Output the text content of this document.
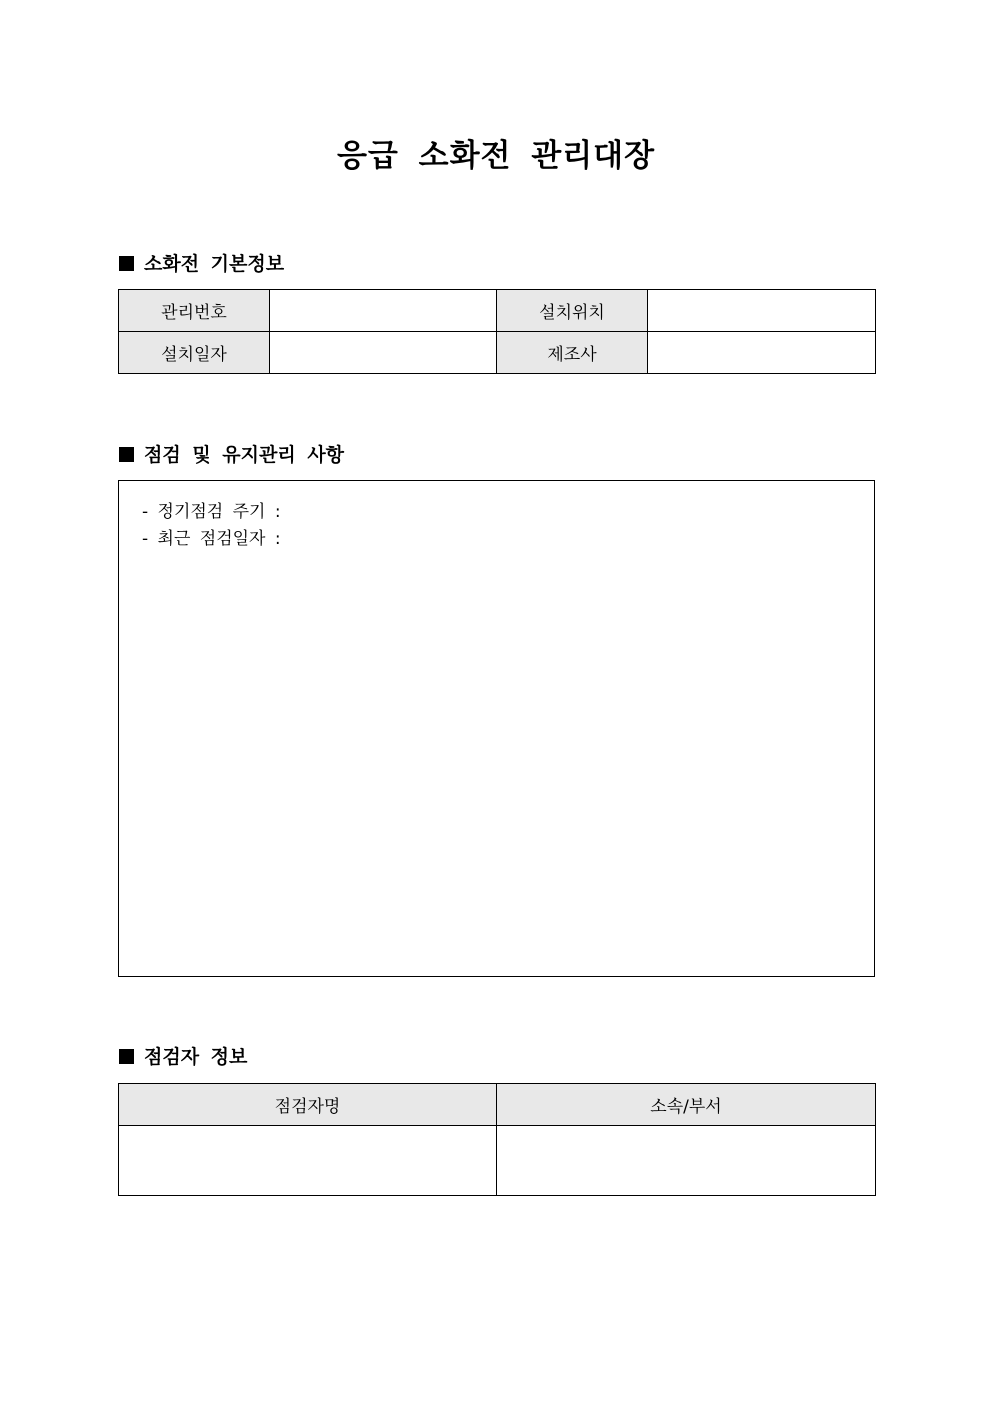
응급 소화전 관리대장
소화전 기본정보
관리번호		설치위치	
설치일자		제조사	
점검 및 유지관리 사항
- 정기점검 주기 :
- 최근 점검일자 :
점검자 정보
점검자명	소속/부서
